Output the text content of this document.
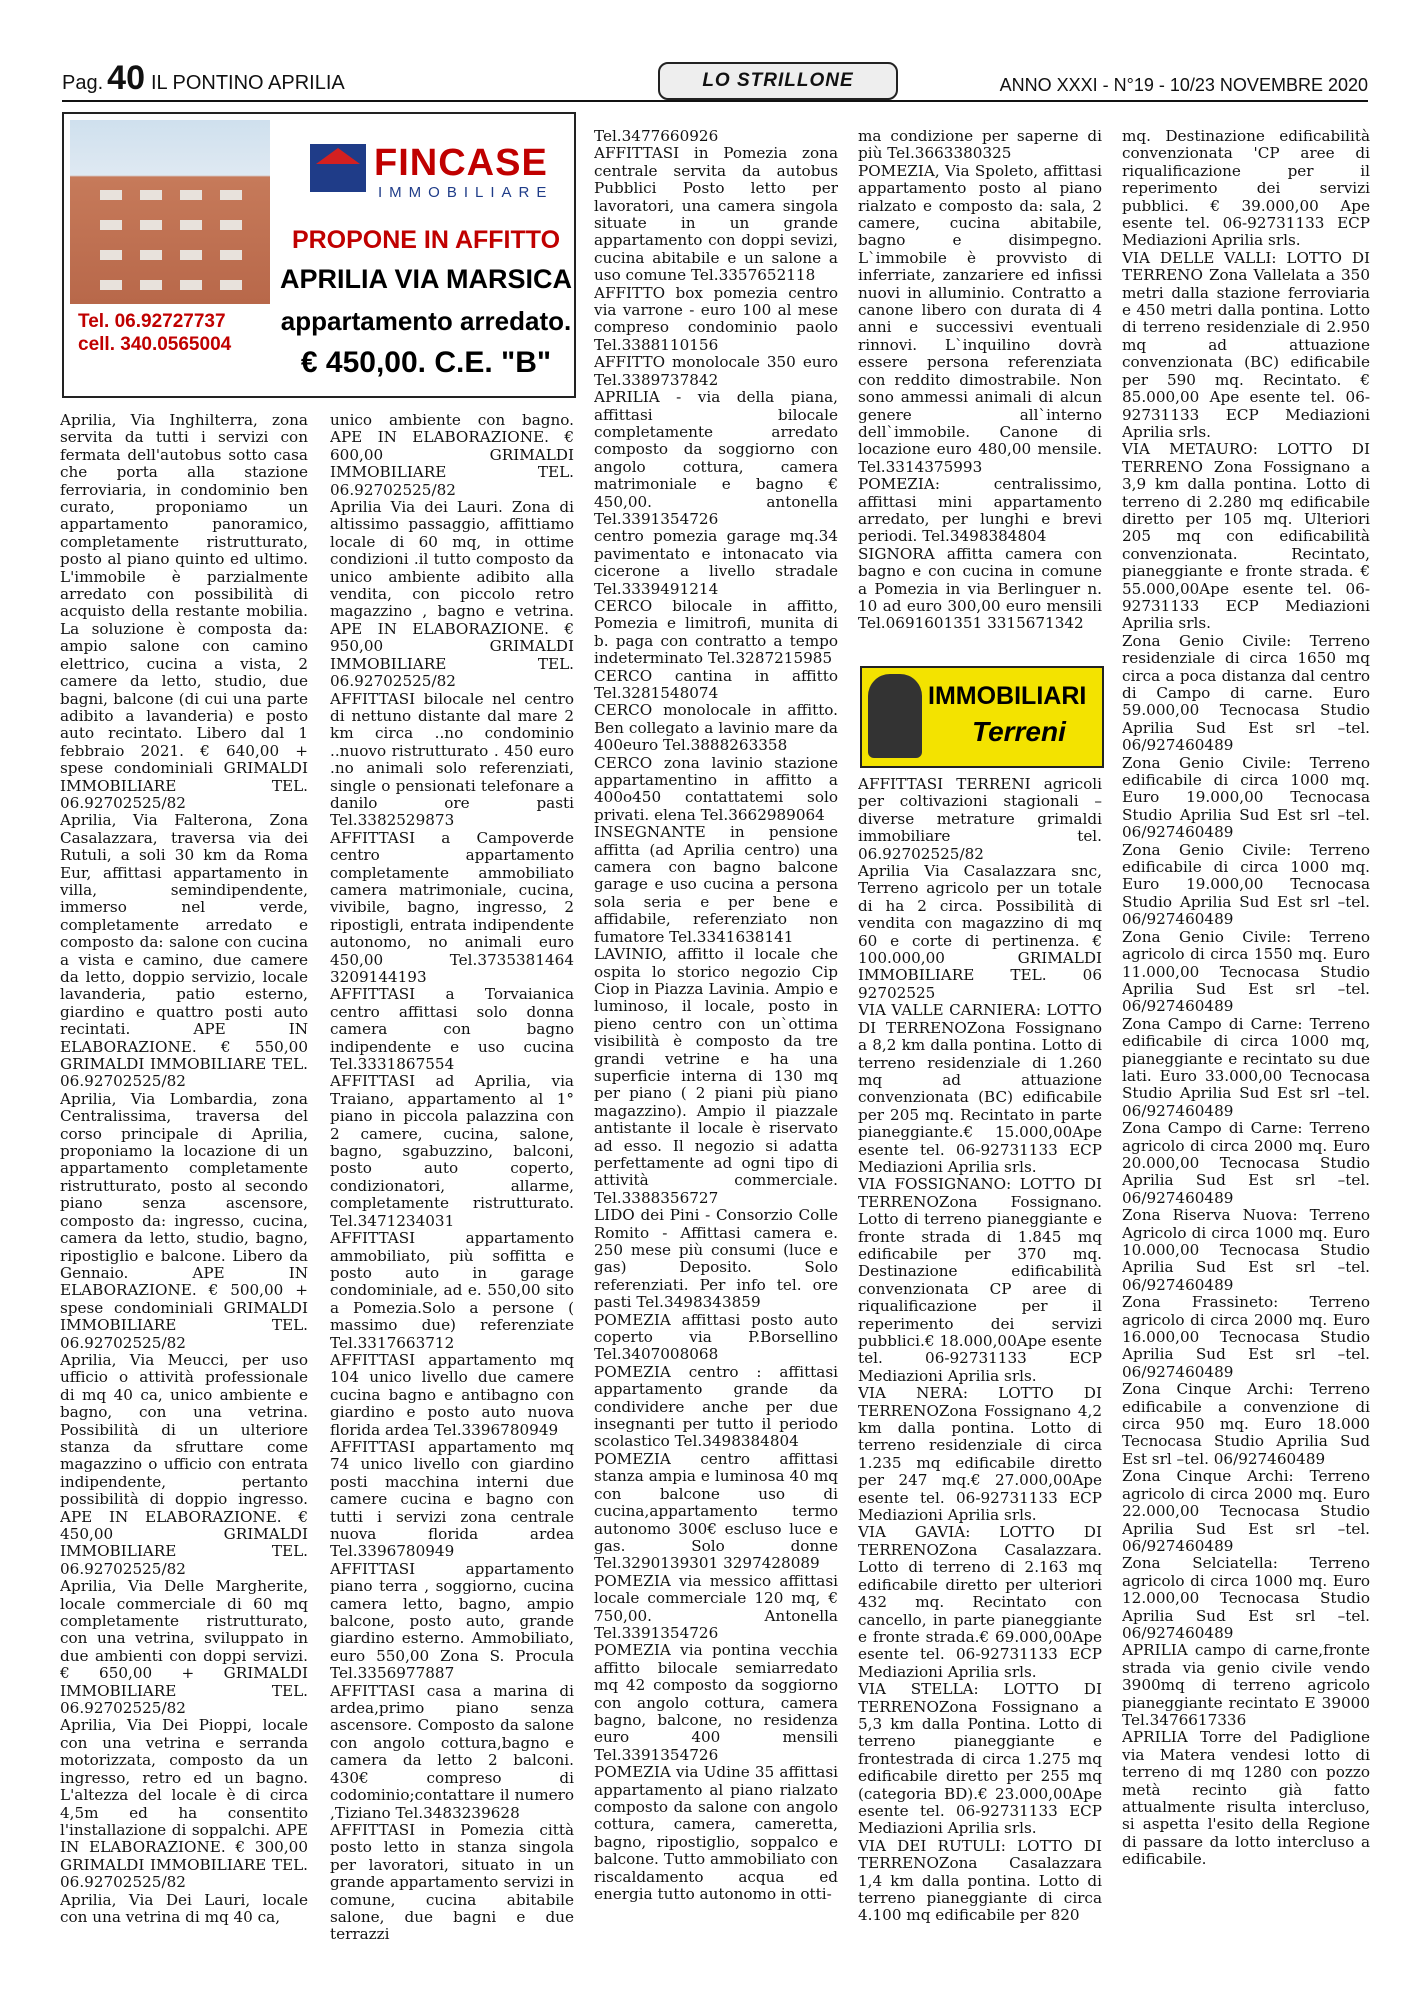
Pag. 40 IL PONTINO APRILIA	LO STRILLONE	ANNO XXXI - N°19 - 10/23 NOVEMBRE 2020
Tel. 06.92727737
cell. 340.0565004
FINCASE
IMMOBILIARE
PROPONE IN AFFITTO
APRILIA VIA MARSICA
appartamento arredato.
€ 450,00. C.E. "B"

Aprilia, Via Inghilterra, zona servita da tutti i servizi con fermata dell'autobus sotto casa che porta alla stazione ferroviaria, in condominio ben curato, proponiamo un appartamento panoramico, completamente ristrutturato, posto al piano quinto ed ultimo. L'immobile è parzialmente arredato con possibilità di acquisto della restante mobilia. La soluzione è composta da: ampio salone con camino elettrico, cucina a vista, 2 camere da letto, studio, due bagni, balcone (di cui una parte adibito a lavanderia) e posto auto recintato. Libero dal 1 febbraio 2021. € 640,00 + spese condominiali GRIMALDI IMMOBILIARE TEL. 06.92702525/82

Aprilia, Via Falterona, Zona Casalazzara, traversa via dei Rutuli, a soli 30 km da Roma Eur, affittasi appartamento in villa, semindipendente, immerso nel verde, completamente arredato e composto da: salone con cucina a vista e camino, due camere da letto, doppio servizio, locale lavanderia, patio esterno, giardino e quattro posti auto recintati. APE IN ELABORAZIONE. € 550,00 GRIMALDI IMMOBILIARE TEL. 06.92702525/82

Aprilia, Via Lombardia, zona Centralissima, traversa del corso principale di Aprilia, proponiamo la locazione di un appartamento completamente ristrutturato, posto al secondo piano senza ascensore, composto da: ingresso, cucina, camera da letto, studio, bagno, ripostiglio e balcone. Libero da Gennaio. APE IN ELABORAZIONE. € 500,00 + spese condominiali GRIMALDI IMMOBILIARE TEL. 06.92702525/82

Aprilia, Via Meucci, per uso ufficio o attività professionale di mq 40 ca, unico ambiente e bagno, con una vetrina. Possibilità di un ulteriore stanza da sfruttare come magazzino o ufficio con entrata indipendente, pertanto possibilità di doppio ingresso. APE IN ELABORAZIONE. € 450,00 GRIMALDI IMMOBILIARE TEL. 06.92702525/82

Aprilia, Via Delle Margherite, locale commerciale di 60 mq completamente ristrutturato, con una vetrina, sviluppato in due ambienti con doppi servizi. € 650,00 + GRIMALDI IMMOBILIARE TEL. 06.92702525/82

Aprilia, Via Dei Pioppi, locale con una vetrina e serranda motorizzata, composto da un ingresso, retro ed un bagno. L'altezza del locale è di circa 4,5m ed ha consentito l'installazione di soppalchi. APE IN ELABORAZIONE. € 300,00 GRIMALDI IMMOBILIARE TEL. 06.92702525/82

Aprilia, Via Dei Lauri, locale con una vetrina di mq 40 ca,

unico ambiente con bagno. APE IN ELABORAZIONE. € 600,00 GRIMALDI IMMOBILIARE TEL. 06.92702525/82

Aprilia Via dei Lauri. Zona di altissimo passaggio, affittiamo locale di 60 mq, in ottime condizioni .il tutto composto da unico ambiente adibito alla vendita, con piccolo retro magazzino , bagno e vetrina. APE IN ELABORAZIONE. € 950,00 GRIMALDI IMMOBILIARE TEL. 06.92702525/82

AFFITTASI bilocale nel centro di nettuno distante dal mare 2 km circa ..no condominio ..nuovo ristrutturato . 450 euro .no animali solo referenziati, single o pensionati telefonare a danilo ore pasti Tel.3382529873

AFFITTASI a Campoverde centro appartamento completamente ammobiliato camera matrimoniale, cucina, vivibile, bagno, ingresso, 2 ripostigli, entrata indipendente autonomo, no animali euro 450,00 Tel.3735381464 3209144193

AFFITTASI a Torvaianica centro affittasi solo donna camera con bagno indipendente e uso cucina Tel.3331867554

AFFITTASI ad Aprilia, via Traiano, appartamento al 1° piano in piccola palazzina con 2 camere, cucina, salone, bagno, sgabuzzino, balconi, posto auto coperto, condizionatori, allarme, completamente ristrutturato. Tel.3471234031

AFFITTASI appartamento ammobiliato, più soffitta e posto auto in garage condominiale, ad e. 550,00 sito a Pomezia.Solo a persone ( massimo due) referenziate Tel.3317663712

AFFITTASI appartamento mq 104 unico livello due camere cucina bagno e antibagno con giardino e posto auto nuova florida ardea Tel.3396780949

AFFITTASI appartamento mq 74 unico livello con giardino posti macchina interni due camere cucina e bagno con tutti i servizi zona centrale nuova florida ardea Tel.3396780949

AFFITTASI appartamento piano terra , soggiorno, cucina camera letto, bagno, ampio balcone, posto auto, grande giardino esterno. Ammobiliato, euro 550,00 Zona S. Procula Tel.3356977887

AFFITTASI casa a marina di ardea,primo piano senza ascensore. Composto da salone con angolo cottura,bagno e camera da letto 2 balconi. 430€ compreso di codominio;contattare il numero ,Tiziano Tel.3483239628

AFFITTASI in Pomezia città posto letto in stanza singola per lavoratori, situato in un grande appartamento servizi in comune, cucina abitabile salone, due bagni e due terrazzi

Tel.3477660926

AFFITTASI in Pomezia zona centrale servita da autobus Pubblici Posto letto per lavoratori, una camera singola situate in un grande appartamento con doppi sevizi, cucina abitabile e un salone a uso comune Tel.3357652118

AFFITTO box pomezia centro via varrone - euro 100 al mese compreso condominio paolo Tel.3388110156

AFFITTO monolocale 350 euro Tel.3389737842

APRILIA - via della piana, affittasi bilocale completamente arredato composto da soggiorno con angolo cottura, camera matrimoniale e bagno € 450,00. antonella Tel.3391354726

centro pomezia garage mq.34 pavimentato e intonacato via cicerone a livello stradale Tel.3339491214

CERCO bilocale in affitto, Pomezia e limitrofi, munita di b. paga con contratto a tempo indeterminato Tel.3287215985

CERCO cantina in affitto Tel.3281548074

CERCO monolocale in affitto. Ben collegato a lavinio mare da 400euro Tel.3888263358

CERCO zona lavinio stazione appartamentino in affitto a 400o450 contattatemi solo privati. elena Tel.3662989064

INSEGNANTE in pensione affitta (ad Aprilia centro) una camera con bagno balcone garage e uso cucina a persona sola seria e per bene e affidabile, referenziato non fumatore Tel.3341638141

LAVINIO, affitto il locale che ospita lo storico negozio Cip Ciop in Piazza Lavinia. Ampio e luminoso, il locale, posto in pieno centro con un`ottima visibilità è composto da tre grandi vetrine e ha una superficie interna di 130 mq per piano ( 2 piani più piano magazzino). Ampio il piazzale antistante il locale è riservato ad esso. Il negozio si adatta perfettamente ad ogni tipo di attività commerciale. Tel.3388356727

LIDO dei Pini - Consorzio Colle Romito - Affittasi camera e. 250 mese più consumi (luce e gas) Deposito. Solo referenziati. Per info tel. ore pasti Tel.3498343859

POMEZIA affittasi posto auto coperto via P.Borsellino Tel.3407008068

POMEZIA centro : affittasi appartamento grande da condividere anche per due insegnanti per tutto il periodo scolastico Tel.3498384804

POMEZIA centro affittasi stanza ampia e luminosa 40 mq con balcone uso di cucina,appartamento termo autonomo 300€ escluso luce e gas. Solo donne Tel.3290139301 3297428089

POMEZIA via messico affittasi locale commerciale 120 mq, € 750,00. Antonella Tel.3391354726

POMEZIA via pontina vecchia affitto bilocale semiarredato mq 42 composto da soggiorno con angolo cottura, camera bagno, balcone, no residenza euro 400 mensili Tel.3391354726

POMEZIA via Udine 35 affittasi appartamento al piano rialzato composto da salone con angolo cottura, camera, cameretta, bagno, ripostiglio, soppalco e balcone. Tutto ammobiliato con riscaldamento acqua ed energia tutto autonomo in otti-

ma condizione per saperne di più Tel.3663380325

POMEZIA, Via Spoleto, affittasi appartamento posto al piano rialzato e composto da: sala, 2 camere, cucina abitabile, bagno e disimpegno. L`immobile è provvisto di inferriate, zanzariere ed infissi nuovi in alluminio. Contratto a canone libero con durata di 4 anni e successivi eventuali rinnovi. L`inquilino dovrà essere persona referenziata con reddito dimostrabile. Non sono ammessi animali di alcun genere all`interno dell`immobile. Canone di locazione euro 480,00 mensile. Tel.3314375993

POMEZIA: centralissimo, affittasi mini appartamento arredato, per lunghi e brevi periodi. Tel.3498384804

SIGNORA affitta camera con bagno e con cucina in comune a Pomezia in via Berlinguer n. 10 ad euro 300,00 euro mensili Tel.0691601351 3315671342

IMMOBILIARI
Terreni

AFFITTASI TERRENI agricoli per coltivazioni stagionali – diverse metrature grimaldi immobiliare tel. 06.92702525/82

Aprilia Via Casalazzara snc, Terreno agricolo per un totale di ha 2 circa. Possibilità di vendita con magazzino di mq 60 e corte di pertinenza. € 100.000,00 GRIMALDI IMMOBILIARE TEL. 06 92702525

VIA VALLE CARNIERA: LOTTO DI TERRENOZona Fossignano a 8,2 km dalla pontina. Lotto di terreno residenziale di 1.260 mq ad attuazione convenzionata (BC) edificabile per 205 mq. Recintato in parte pianeggiante.€ 15.000,00Ape esente tel. 06-92731133 ECP Mediazioni Aprilia srls.

VIA FOSSIGNANO: LOTTO DI TERRENOZona Fossignano. Lotto di terreno pianeggiante e fronte strada di 1.845 mq edificabile per 370 mq. Destinazione edificabilità convenzionata CP aree di riqualificazione per il reperimento dei servizi pubblici.€ 18.000,00Ape esente tel. 06-92731133 ECP Mediazioni Aprilia srls.

VIA NERA: LOTTO DI TERRENOZona Fossignano 4,2 km dalla pontina. Lotto di terreno residenziale di circa 1.235 mq edificabile diretto per 247 mq.€ 27.000,00Ape esente tel. 06-92731133 ECP Mediazioni Aprilia srls.

VIA GAVIA: LOTTO DI TERRENOZona Casalazzara. Lotto di terreno di 2.163 mq edificabile diretto per ulteriori 432 mq. Recintato con cancello, in parte pianeggiante e fronte strada.€ 69.000,00Ape esente tel. 06-92731133 ECP Mediazioni Aprilia srls.

VIA STELLA: LOTTO DI TERRENOZona Fossignano a 5,3 km dalla Pontina. Lotto di terreno pianeggiante e frontestrada di circa 1.275 mq edificabile diretto per 255 mq (categoria BD).€ 23.000,00Ape esente tel. 06-92731133 ECP Mediazioni Aprilia srls.

VIA DEI RUTULI: LOTTO DI TERRENOZona Casalazzara 1,4 km dalla pontina. Lotto di terreno pianeggiante di circa 4.100 mq edificabile per 820

mq. Destinazione edificabilità convenzionata 'CP aree di riqualificazione per il reperimento dei servizi pubblici. € 39.000,00 Ape esente tel. 06-92731133 ECP Mediazioni Aprilia srls.

VIA DELLE VALLI: LOTTO DI TERRENO Zona Vallelata a 350 metri dalla stazione ferroviaria e 450 metri dalla pontina. Lotto di terreno residenziale di 2.950 mq ad attuazione convenzionata (BC) edificabile per 590 mq. Recintato. € 85.000,00 Ape esente tel. 06-92731133 ECP Mediazioni Aprilia srls.

VIA METAURO: LOTTO DI TERRENO Zona Fossignano a 3,9 km dalla pontina. Lotto di terreno di 2.280 mq edificabile diretto per 105 mq. Ulteriori 205 mq con edificabilità convenzionata. Recintato, pianeggiante e fronte strada. € 55.000,00Ape esente tel. 06-92731133 ECP Mediazioni Aprilia srls.

Zona Genio Civile: Terreno residenziale di circa 1650 mq circa a poca distanza dal centro di Campo di carne. Euro 59.000,00 Tecnocasa Studio Aprilia Sud Est srl –tel. 06/927460489

Zona Genio Civile: Terreno edificabile di circa 1000 mq. Euro 19.000,00 Tecnocasa Studio Aprilia Sud Est srl –tel. 06/927460489

Zona Genio Civile: Terreno edificabile di circa 1000 mq. Euro 19.000,00 Tecnocasa Studio Aprilia Sud Est srl –tel. 06/927460489

Zona Genio Civile: Terreno agricolo di circa 1550 mq. Euro 11.000,00 Tecnocasa Studio Aprilia Sud Est srl –tel. 06/927460489

Zona Campo di Carne: Terreno edificabile di circa 1000 mq, pianeggiante e recintato su due lati. Euro 33.000,00 Tecnocasa Studio Aprilia Sud Est srl –tel. 06/927460489

Zona Campo di Carne: Terreno agricolo di circa 2000 mq. Euro 20.000,00 Tecnocasa Studio Aprilia Sud Est srl –tel. 06/927460489

Zona Riserva Nuova: Terreno Agricolo di circa 1000 mq. Euro 10.000,00 Tecnocasa Studio Aprilia Sud Est srl –tel. 06/927460489

Zona Frassineto: Terreno agricolo di circa 2000 mq. Euro 16.000,00 Tecnocasa Studio Aprilia Sud Est srl –tel. 06/927460489

Zona Cinque Archi: Terreno edificabile a convenzione di circa 950 mq. Euro 18.000 Tecnocasa Studio Aprilia Sud Est srl –tel. 06/927460489

Zona Cinque Archi: Terreno agricolo di circa 2000 mq. Euro 22.000,00 Tecnocasa Studio Aprilia Sud Est srl –tel. 06/927460489

Zona Selciatella: Terreno agricolo di circa 1000 mq. Euro 12.000,00 Tecnocasa Studio Aprilia Sud Est srl –tel. 06/927460489

APRILIA campo di carne,fronte strada via genio civile vendo 3900mq di terreno agricolo pianeggiante recintato E 39000 Tel.3476617336

APRILIA Torre del Padiglione via Matera vendesi lotto di terreno di mq 1280 con pozzo metà recinto già fatto attualmente risulta intercluso, si aspetta l'esito della Regione di passare da lotto intercluso a edificabile.
